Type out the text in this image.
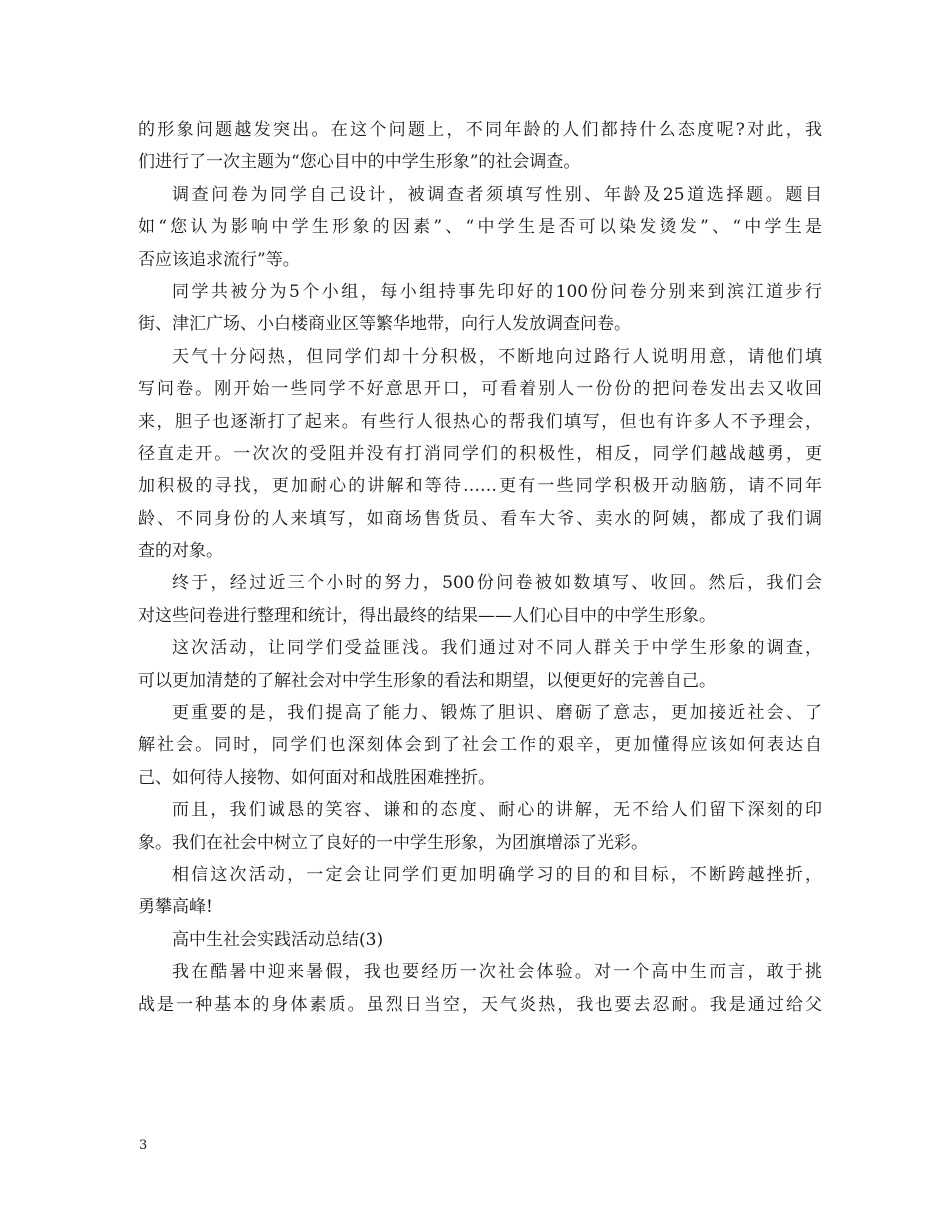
的形象问题越发突出。在这个问题上，不同年龄的人们都持什么态度呢?对此，我
们进行了一次主题为“您心目中的中学生形象”的社会调查。
调查问卷为同学自己设计，被调查者须填写性别、年龄及25道选择题。题目
如“您认为影响中学生形象的因素”、“中学生是否可以染发烫发”、“中学生是
否应该追求流行”等。
同学共被分为5个小组，每小组持事先印好的100份问卷分别来到滨江道步行
街、津汇广场、小白楼商业区等繁华地带，向行人发放调查问卷。
天气十分闷热，但同学们却十分积极，不断地向过路行人说明用意，请他们填
写问卷。刚开始一些同学不好意思开口，可看着别人一份份的把问卷发出去又收回
来，胆子也逐渐打了起来。有些行人很热心的帮我们填写，但也有许多人不予理会，
径直走开。一次次的受阻并没有打消同学们的积极性，相反，同学们越战越勇，更
加积极的寻找，更加耐心的讲解和等待……更有一些同学积极开动脑筋，请不同年
龄、不同身份的人来填写，如商场售货员、看车大爷、卖水的阿姨，都成了我们调
查的对象。
终于，经过近三个小时的努力，500份问卷被如数填写、收回。然后，我们会
对这些问卷进行整理和统计，得出最终的结果——人们心目中的中学生形象。
这次活动，让同学们受益匪浅。我们通过对不同人群关于中学生形象的调查，
可以更加清楚的了解社会对中学生形象的看法和期望，以便更好的完善自己。
更重要的是，我们提高了能力、锻炼了胆识、磨砺了意志，更加接近社会、了
解社会。同时，同学们也深刻体会到了社会工作的艰辛，更加懂得应该如何表达自
己、如何待人接物、如何面对和战胜困难挫折。
而且，我们诚恳的笑容、谦和的态度、耐心的讲解，无不给人们留下深刻的印
象。我们在社会中树立了良好的一中学生形象，为团旗增添了光彩。
相信这次活动，一定会让同学们更加明确学习的目的和目标，不断跨越挫折，
勇攀高峰!
高中生社会实践活动总结(3)
我在酷暑中迎来暑假，我也要经历一次社会体验。对一个高中生而言，敢于挑
战是一种基本的身体素质。虽烈日当空，天气炎热，我也要去忍耐。我是通过给父
3
